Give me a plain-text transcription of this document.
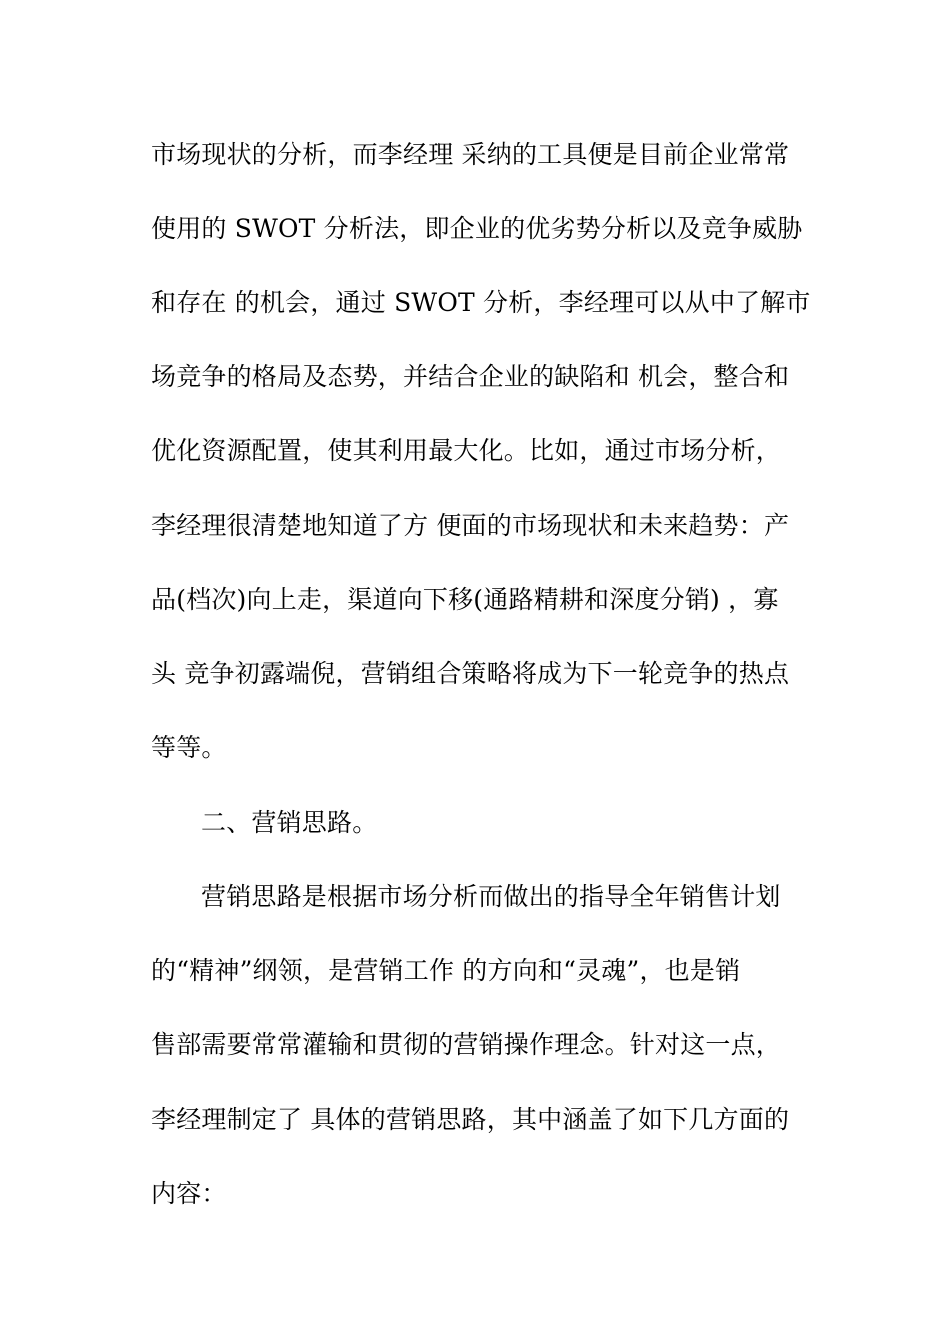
市场现状的分析，而李经理 采纳的工具便是目前企业常常
使用的 SWOT 分析法，即企业的优劣势分析以及竞争威胁
和存在 的机会，通过 SWOT 分析，李经理可以从中了解市
场竞争的格局及态势，并结合企业的缺陷和 机会，整合和
优化资源配置，使其利用最大化。比如，通过市场分析，
李经理很清楚地知道了方 便面的市场现状和未来趋势：产
品(档次)向上走，渠道向下移(通路精耕和深度分销) ，寡
头 竞争初露端倪，营销组合策略将成为下一轮竞争的热点
等等。
二、营销思路。
营销思路是根据市场分析而做出的指导全年销售计划
的“精神”纲领，是营销工作 的方向和“灵魂”，也是销
售部需要常常灌输和贯彻的营销操作理念。针对这一点，
李经理制定了 具体的营销思路，其中涵盖了如下几方面的
内容：
